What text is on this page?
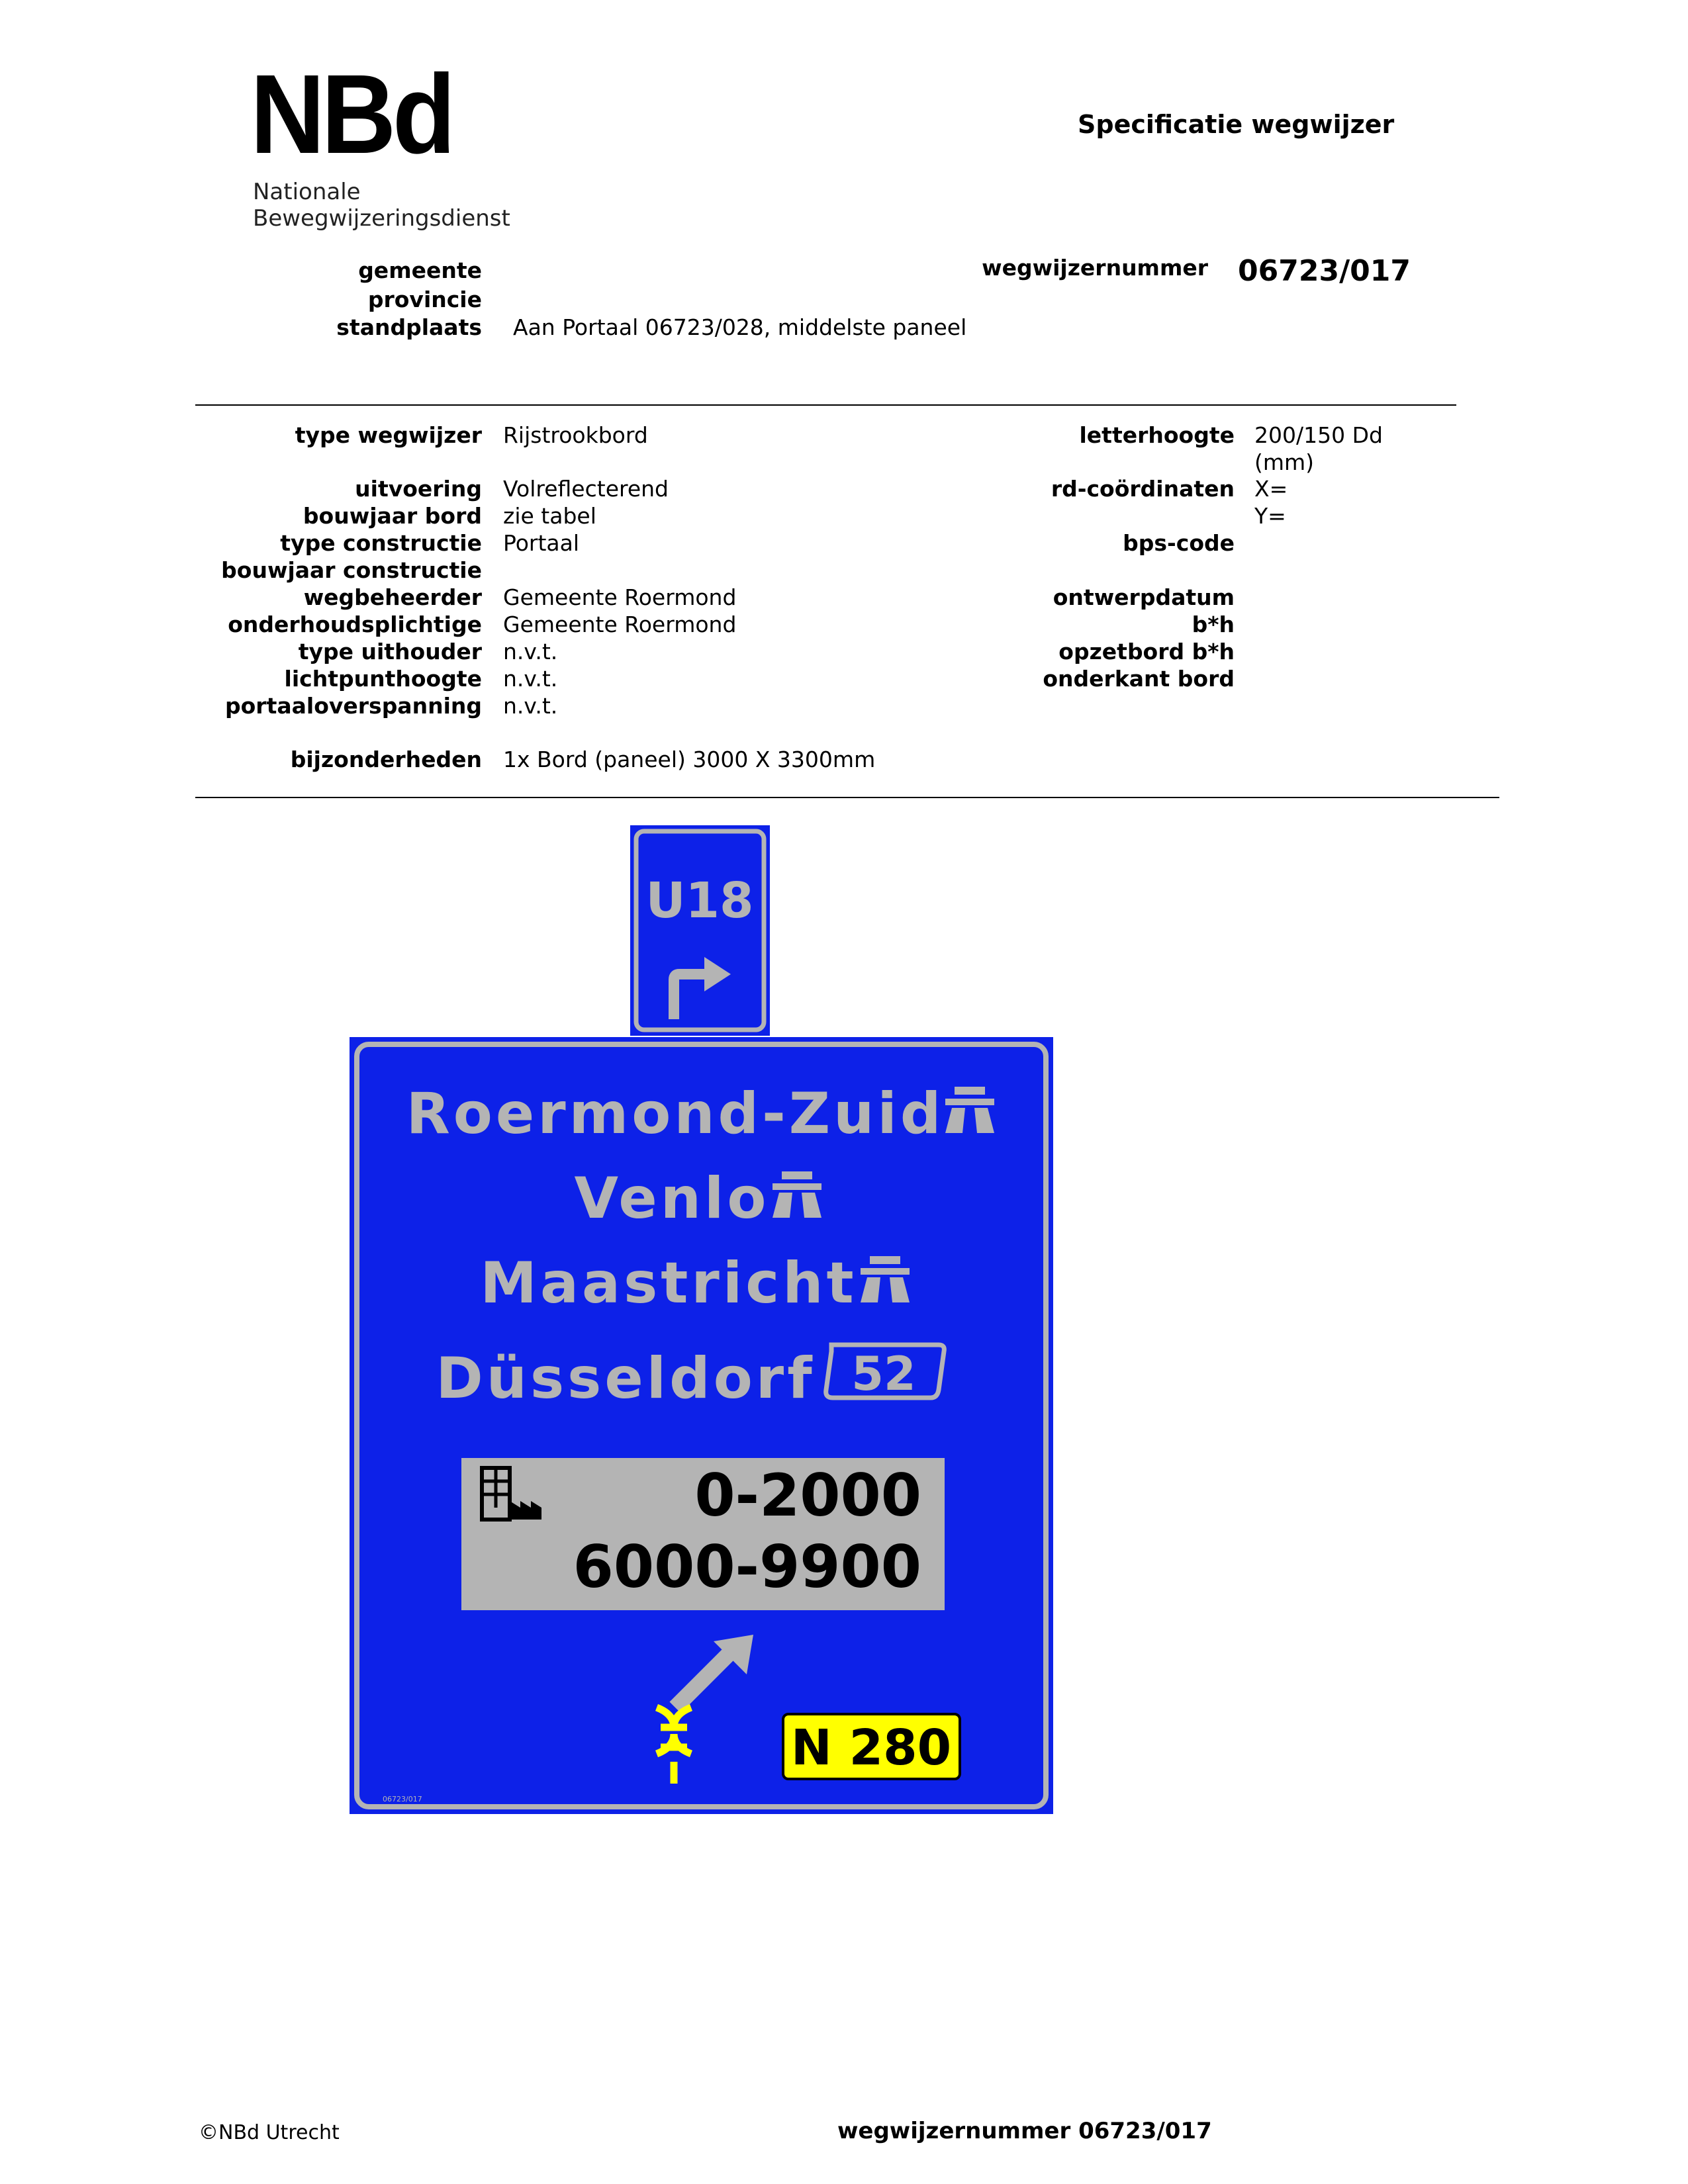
NBd
Nationale
Bewegwijzeringsdienst
Specificatie wegwijzer
gemeente
provincie
standplaats Aan Portaal 06723/028, middelste paneel
wegwijzernummer 06723/017
type wegwijzer Rijstrookbord
uitvoering Volreflecterend
bouwjaar bord zie tabel
type constructie Portaal
bouwjaar constructie
wegbeheerder Gemeente Roermond
onderhoudsplichtige Gemeente Roermond
type uithouder n.v.t.
lichtpunthoogte n.v.t.
portaaloverspanning n.v.t.
bijzonderheden 1x Bord (paneel) 3000 X 3300mm
letterhoogte 200/150 Dd
(mm)
rd-coördinaten X=
Y=
bps-code
ontwerpdatum
b*h
opzetbord b*h
onderkant bord
U18
Roermond-Zuid
Venlo
Maastricht
Düsseldorf 52
0-2000
6000-9900
N 280
06723/017
©NBd Utrecht	wegwijzernummer 06723/017
